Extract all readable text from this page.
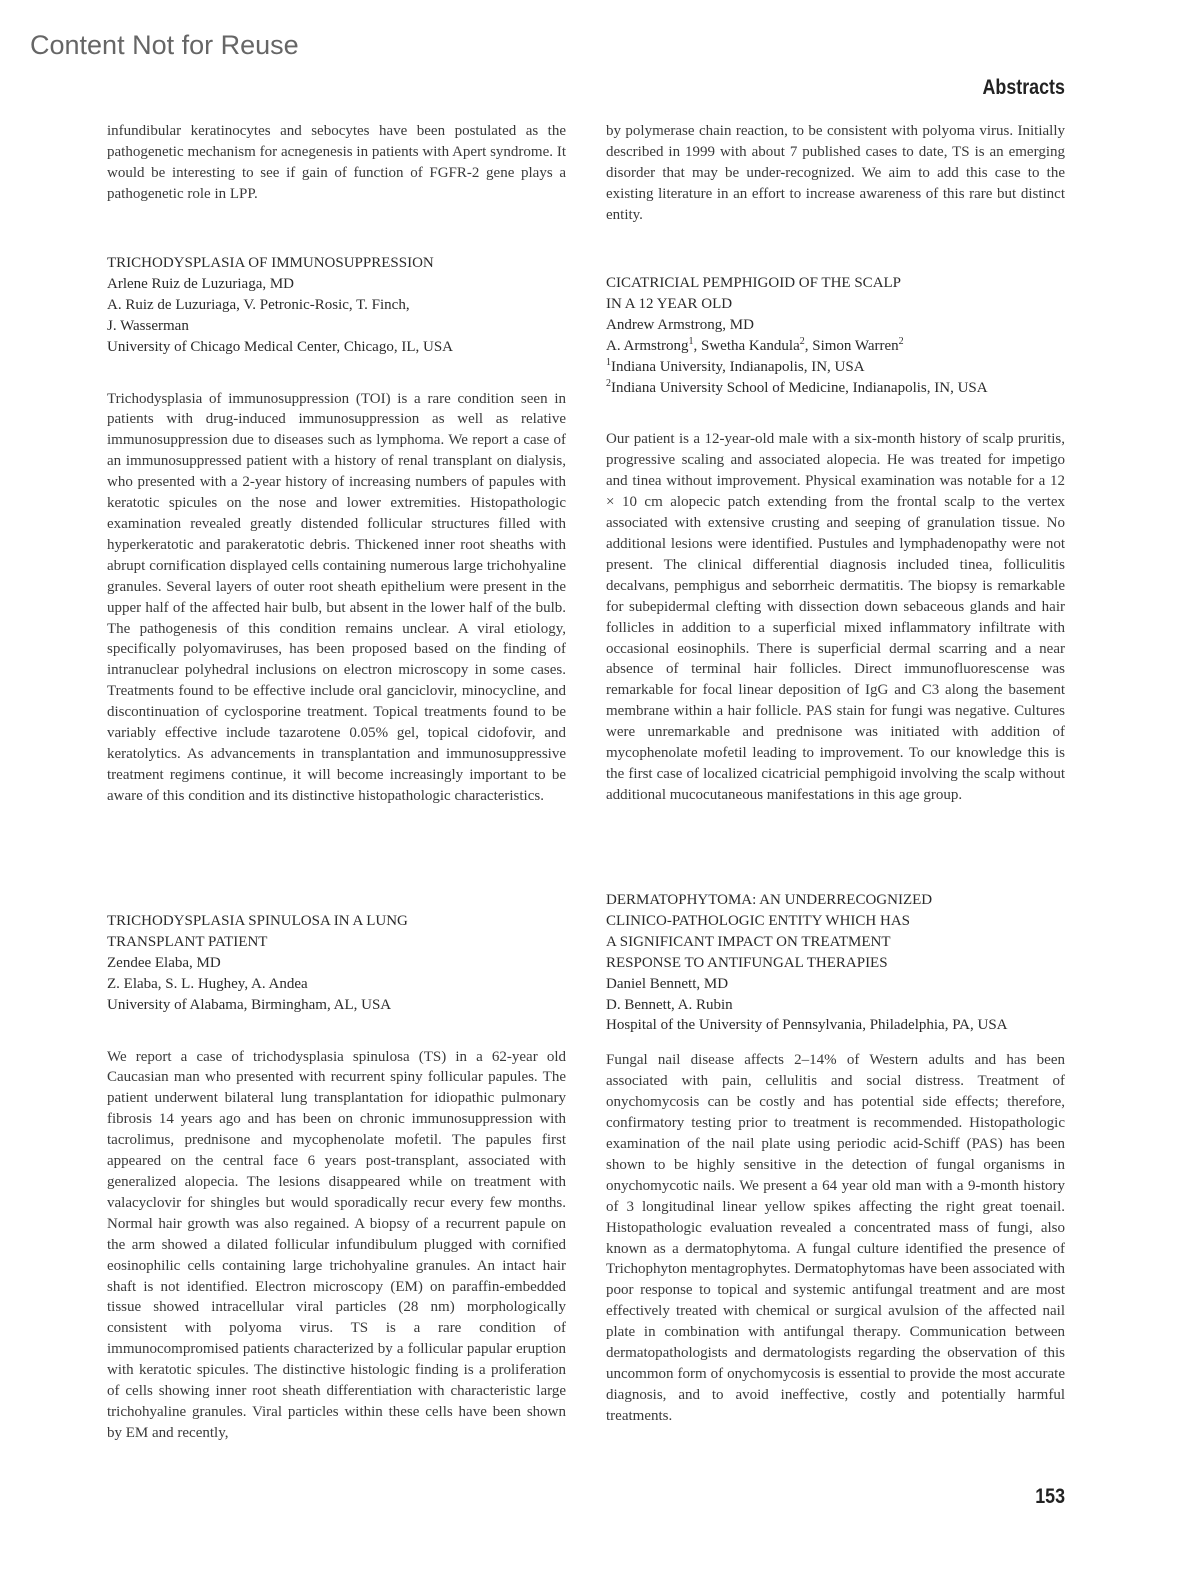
Content Not for Reuse
Abstracts

infundibular keratinocytes and sebocytes have been postulated as the pathogenetic mechanism for acnegenesis in patients with Apert syndrome. It would be interesting to see if gain of function of FGFR-2 gene plays a pathogenetic role in LPP.

TRICHODYSPLASIA OF IMMUNOSUPPRESSION
Arlene Ruiz de Luzuriaga, MD
A. Ruiz de Luzuriaga, V. Petronic-Rosic, T. Finch,
J. Wasserman
University of Chicago Medical Center, Chicago, IL, USA

Trichodysplasia of immunosuppression (TOI) is a rare condition seen in patients with drug-induced immunosuppression as well as relative immunosuppression due to diseases such as lymphoma. We report a case of an immunosuppressed patient with a history of renal transplant on dialysis, who presented with a 2-year history of increasing numbers of papules with keratotic spicules on the nose and lower extremities. Histopathologic examination revealed greatly distended follicular structures filled with hyperkeratotic and parakeratotic debris. Thickened inner root sheaths with abrupt cornification displayed cells containing numerous large trichohyaline granules. Several layers of outer root sheath epithelium were present in the upper half of the affected hair bulb, but absent in the lower half of the bulb. The pathogenesis of this condition remains unclear. A viral etiology, specifically polyomaviruses, has been proposed based on the finding of intranuclear polyhedral inclusions on electron microscopy in some cases. Treatments found to be effective include oral ganciclovir, minocycline, and discontinuation of cyclosporine treatment. Topical treatments found to be variably effective include tazarotene 0.05% gel, topical cidofovir, and keratolytics. As advancements in transplantation and immunosuppressive treatment regimens continue, it will become increasingly important to be aware of this condition and its distinctive histopathologic characteristics.

TRICHODYSPLASIA SPINULOSA IN A LUNG
TRANSPLANT PATIENT
Zendee Elaba, MD
Z. Elaba, S. L. Hughey, A. Andea
University of Alabama, Birmingham, AL, USA

We report a case of trichodysplasia spinulosa (TS) in a 62-year old Caucasian man who presented with recurrent spiny follicular papules. The patient underwent bilateral lung transplantation for idiopathic pulmonary fibrosis 14 years ago and has been on chronic immunosuppression with tacrolimus, prednisone and mycophenolate mofetil. The papules first appeared on the central face 6 years post-transplant, associated with generalized alopecia. The lesions disappeared while on treatment with valacyclovir for shingles but would sporadically recur every few months. Normal hair growth was also regained. A biopsy of a recurrent papule on the arm showed a dilated follicular infundibulum plugged with cornified eosinophilic cells containing large trichohyaline granules. An intact hair shaft is not identified. Electron microscopy (EM) on paraffin-embedded tissue showed intracellular viral particles (28 nm) morphologically consistent with polyoma virus. TS is a rare condition of immunocompromised patients characterized by a follicular papular eruption with keratotic spicules. The distinctive histologic finding is a proliferation of cells showing inner root sheath differentiation with characteristic large trichohyaline granules. Viral particles within these cells have been shown by EM and recently,

by polymerase chain reaction, to be consistent with polyoma virus. Initially described in 1999 with about 7 published cases to date, TS is an emerging disorder that may be under-recognized. We aim to add this case to the existing literature in an effort to increase awareness of this rare but distinct entity.

CICATRICIAL PEMPHIGOID OF THE SCALP
IN A 12 YEAR OLD
Andrew Armstrong, MD
A. Armstrong$^1$, Swetha Kandula$^2$, Simon Warren$^2$
$^1$Indiana University, Indianapolis, IN, USA
$^2$Indiana University School of Medicine, Indianapolis, IN, USA

Our patient is a 12-year-old male with a six-month history of scalp pruritis, progressive scaling and associated alopecia. He was treated for impetigo and tinea without improvement. Physical examination was notable for a 12 × 10 cm alopecic patch extending from the frontal scalp to the vertex associated with extensive crusting and seeping of granulation tissue. No additional lesions were identified. Pustules and lymphadenopathy were not present. The clinical differential diagnosis included tinea, folliculitis decalvans, pemphigus and seborrheic dermatitis. The biopsy is remarkable for subepidermal clefting with dissection down sebaceous glands and hair follicles in addition to a superficial mixed inflammatory infiltrate with occasional eosinophils. There is superficial dermal scarring and a near absence of terminal hair follicles. Direct immunofluorescense was remarkable for focal linear deposition of IgG and C3 along the basement membrane within a hair follicle. PAS stain for fungi was negative. Cultures were unremarkable and prednisone was initiated with addition of mycophenolate mofetil leading to improvement. To our knowledge this is the first case of localized cicatricial pemphigoid involving the scalp without additional mucocutaneous manifestations in this age group.

DERMATOPHYTOMA: AN UNDERRECOGNIZED
CLINICO-PATHOLOGIC ENTITY WHICH HAS
A SIGNIFICANT IMPACT ON TREATMENT
RESPONSE TO ANTIFUNGAL THERAPIES
Daniel Bennett, MD
D. Bennett, A. Rubin
Hospital of the University of Pennsylvania, Philadelphia, PA, USA

Fungal nail disease affects 2–14% of Western adults and has been associated with pain, cellulitis and social distress. Treatment of onychomycosis can be costly and has potential side effects; therefore, confirmatory testing prior to treatment is recommended. Histopathologic examination of the nail plate using periodic acid-Schiff (PAS) has been shown to be highly sensitive in the detection of fungal organisms in onychomycotic nails. We present a 64 year old man with a 9-month history of 3 longitudinal linear yellow spikes affecting the right great toenail. Histopathologic evaluation revealed a concentrated mass of fungi, also known as a dermatophytoma. A fungal culture identified the presence of Trichophyton mentagrophytes. Dermatophytomas have been associated with poor response to topical and systemic antifungal treatment and are most effectively treated with chemical or surgical avulsion of the affected nail plate in combination with antifungal therapy. Communication between dermatopathologists and dermatologists regarding the observation of this uncommon form of onychomycosis is essential to provide the most accurate diagnosis, and to avoid ineffective, costly and potentially harmful treatments.

153
